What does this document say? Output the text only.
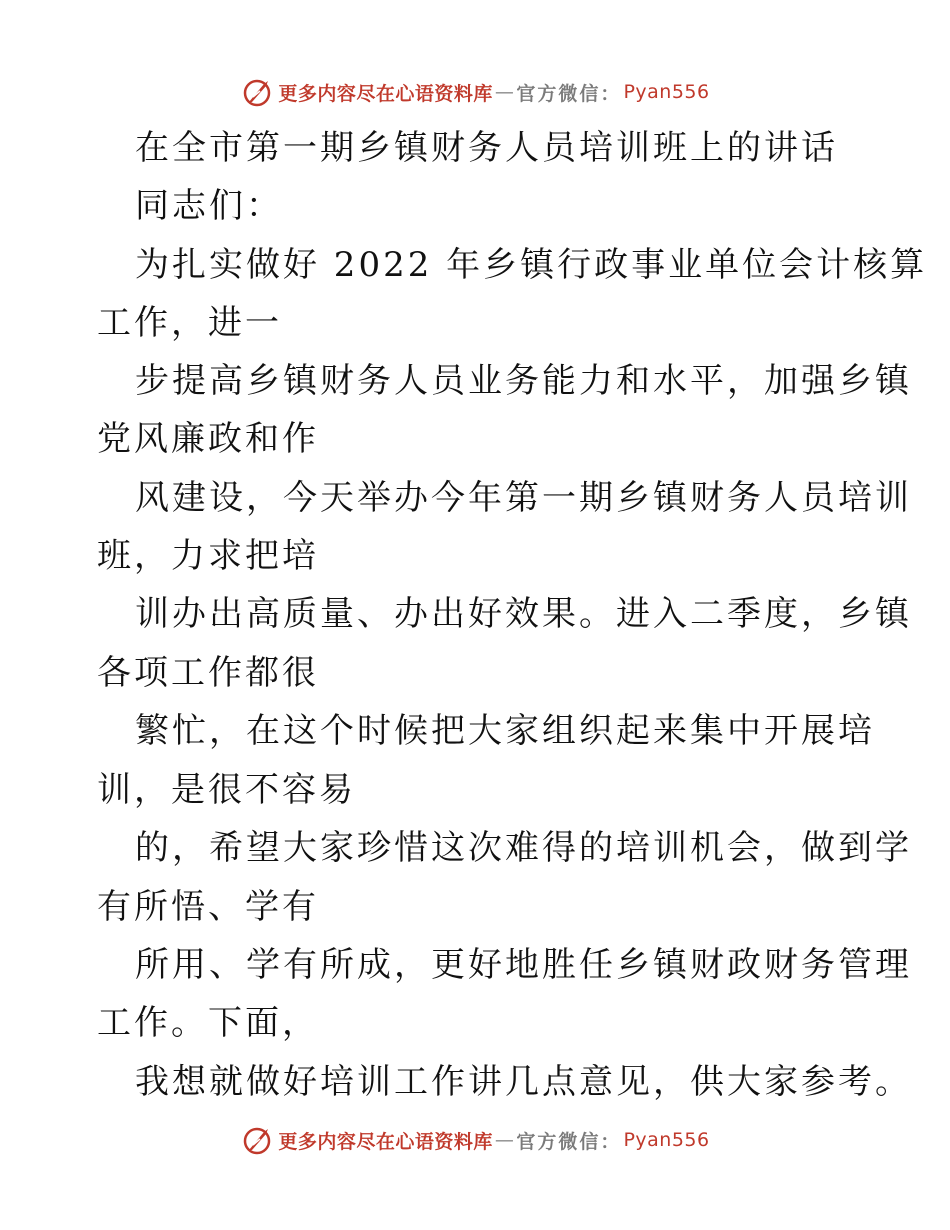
更多内容尽在心语资料库 — 官方微信： Pyan556
在全市第一期乡镇财务人员培训班上的讲话
同志们：
为扎实做好 2022 年乡镇行政事业单位会计核算
工作，进一
步提高乡镇财务人员业务能力和水平，加强乡镇
党风廉政和作
风建设，今天举办今年第一期乡镇财务人员培训
班，力求把培
训办出高质量、办出好效果。进入二季度，乡镇
各项工作都很
繁忙，在这个时候把大家组织起来集中开展培
训，是很不容易
的，希望大家珍惜这次难得的培训机会，做到学
有所悟、学有
所用、学有所成，更好地胜任乡镇财政财务管理
工作。下面，
我想就做好培训工作讲几点意见，供大家参考。
更多内容尽在心语资料库 — 官方微信： Pyan556
